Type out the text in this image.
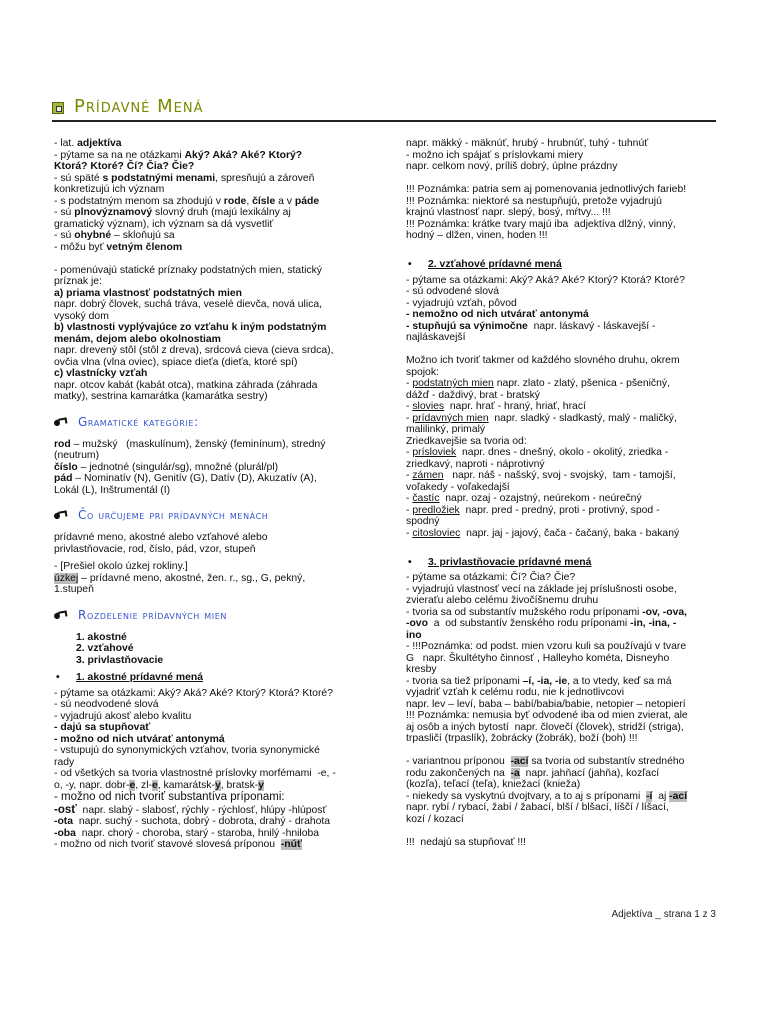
Prídavné Mená
- lat. adjektíva
- pýtame sa na ne otázkami Aký? Aká? Aké? Ktorý?
Ktorá? Ktoré? Čí? Čia? Čie?
- sú späté s podstatnými menami, spresňujú a zároveň
konkretizujú ich význam
- s podstatným menom sa zhodujú v rode, čísle a v páde
- sú plnovýznamový slovný druh (majú lexikálny aj
gramatický význam), ich význam sa dá vysvetliť
- sú ohybné – skloňujú sa
- môžu byť vetným členom
- pomenúvajú statické príznaky podstatných mien, statický
príznak je:
a) priama vlastnosť podstatných mien
napr. dobrý človek, suchá tráva, veselé dievča, nová ulica,
vysoký dom
b) vlastnosti vyplývajúce zo vzťahu k iným podstatným
menám, dejom alebo okolnostiam
napr. drevený stôl (stôl z dreva), srdcová cieva (cieva srdca),
ovčia vlna (vlna oviec), spiace dieťa (dieťa, ktoré spí)
c) vlastnícky vzťah
napr. otcov kabát (kabát otca), matkina záhrada (záhrada
matky), sestrina kamarátka (kamarátka sestry)
Gramatické kategórie:
rod – mužský   (maskulínum), ženský (feminínum), stredný
(neutrum)
číslo – jednotné (singulár/sg), množné (plurál/pl)
pád – Nominatív (N), Genitív (G), Datív (D), Akuzatív (A),
Lokál (L), Inštrumentál (I)
Čo určujeme pri prídavných menách
prídavné meno, akostné alebo vzťahové alebo
privlastňovacie, rod, číslo, pád, vzor, stupeň
- [Prešiel okolo úzkej rokliny.]
úzkej – prídavné meno, akostné, žen. r., sg., G, pekný,
1.stupeň
Rozdelenie prídavných mien
1. akostné
2. vzťahové
3. privlastňovacie
•	1. akostné prídavné mená
- pýtame sa otázkami: Aký? Aká? Aké? Ktorý? Ktorá? Ktoré?
- sú neodvodené slová
- vyjadrujú akosť alebo kvalitu
- dajú sa stupňovať
- možno od nich utvárať antonymá
- vstupujú do synonymických vzťahov, tvoria synonymické
rady
- od všetkých sa tvoria vlastnostné príslovky morfémami  -e, -
o, -y, napr. dobr-e, zl-e, kamarátsk-y, bratsk-y
- možno od nich tvoriť substantíva príponami:
-osť  napr. slabý - slabosť, rýchly - rýchlosť, hlúpy -hlúposť
-ota  napr. suchý - suchota, dobrý - dobrota, drahý - drahota
-oba  napr. chorý - choroba, starý - staroba, hnilý -hniloba
- možno od nich tvoriť stavové slovesá príponou  -núť
napr. mäkký - mäknúť, hrubý - hrubnúť, tuhý - tuhnúť
- možno ich spájať s príslovkami miery
napr. celkom nový, príliš dobrý, úplne prázdny
!!! Poznámka: patria sem aj pomenovania jednotlivých farieb!
!!! Poznámka: niektoré sa nestupňujú, pretože vyjadrujú
krajnú vlastnosť napr. slepý, bosý, mŕtvy... !!!
!!! Poznámka: krátke tvary majú iba  adjektíva dlžný, vinný,
hodný – dlžen, vinen, hoden !!!
•	2. vzťahové prídavné mená
- pýtame sa otázkami: Aký? Aká? Aké? Ktorý? Ktorá? Ktoré?
- sú odvodené slová
- vyjadrujú vzťah, pôvod
- nemožno od nich utvárať antonymá
- stupňujú sa výnimočne  napr. láskavý - láskavejší -
najláskavejší
Možno ich tvoriť takmer od každého slovného druhu, okrem
spojok:
- podstatných mien napr. zlato - zlatý, pšenica - pšeničný,
dážď - daždivý, brat - bratský
- slovies  napr. hrať - hraný, hriať, hrací
- prídavných mien  napr. sladký - sladkastý, malý - maličký,
malilinký, primalý
Zriedkavejšie sa tvoria od:
- prísloviek  napr. dnes - dnešný, okolo - okolitý, zriedka -
zriedkavý, naproti - náprotivný
- zámen   napr. náš - našský, svoj - svojský,  tam - tamojší,
voľakedy - voľakedajší
- častíc  napr. ozaj - ozajstný, neúrekom - neúrečný
- predložiek  napr. pred - predný, proti - protivný, spod -
spodný
- citosloviec  napr. jaj - jajový, čača - čačaný, baka - bakaný
•	3. privlastňovacie prídavné mená
- pýtame sa otázkami: Čí? Čia? Čie?
- vyjadrujú vlastnosť vecí na základe jej príslušnosti osobe,
zvieraťu alebo celému živočíšnemu druhu
- tvoria sa od substantív mužského rodu príponami -ov, -ova,
-ovo  a  od substantív ženského rodu príponami -in, -ina, -
ino
- !!!Poznámka: od podst. mien vzoru kuli sa používajú v tvare
G   napr. Škultétyho činnosť , Halleyho kométa, Disneyho
kresby
- tvoria sa tiež príponami –í, -ia, -ie, a to vtedy, keď sa má
vyjadriť vzťah k celému rodu, nie k jednotlivcovi
napr. lev – leví, baba – babí/babia/babie, netopier – netopierí
!!! Poznámka: nemusia byť odvodené iba od mien zvierat, ale
aj osôb a iných bytostí  napr. človečí (človek), stridží (striga),
trpasličí (trpaslík), žobrácky (žobrák), boží (boh) !!!
- variantnou príponou  -ací sa tvoria od substantív stredného
rodu zakončených na  -a  napr. jahňací (jahňa), kozľací
(kozľa), teľací (teľa), kniežací (knieža)
- niekedy sa vyskytnú dvojtvary, a to aj s príponami  -í  aj -ací
napr. rybí / rybací, žabí / žabací, blší / blšací, líščí / líšací,
kozí / kozací
!!!  nedajú sa stupňovať !!!
Adjektíva _ strana 1 z 3
